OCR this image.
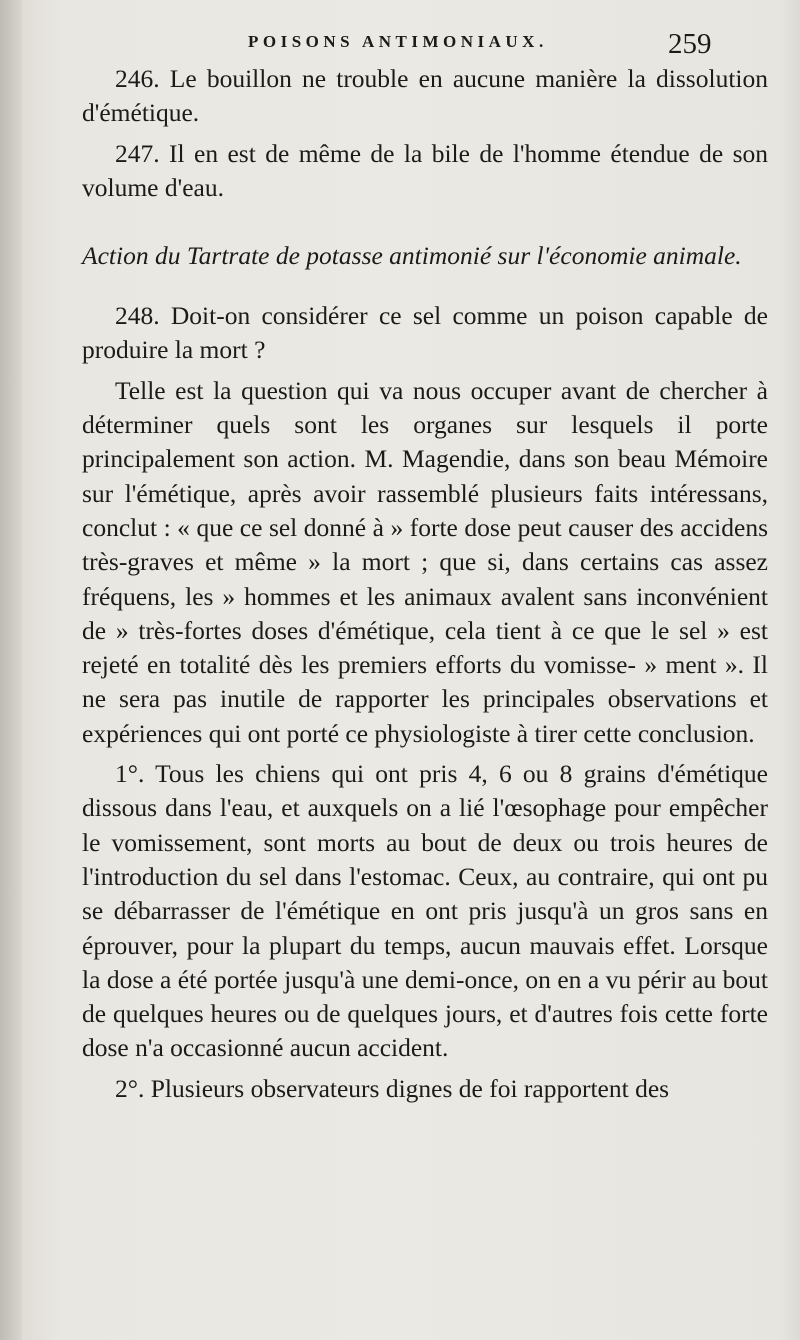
POISONS ANTIMONIAUX.	259

246. Le bouillon ne trouble en aucune manière la dissolution d'émétique.

247. Il en est de même de la bile de l'homme étendue de son volume d'eau.

Action du Tartrate de potasse antimonié sur l'économie animale.

248. Doit-on considérer ce sel comme un poison capable de produire la mort ?

Telle est la question qui va nous occuper avant de chercher à déterminer quels sont les organes sur lesquels il porte principalement son action. M. Magendie, dans son beau Mémoire sur l'émétique, après avoir rassemblé plusieurs faits intéressans, conclut : « que ce sel donné à » forte dose peut causer des accidens très-graves et même » la mort ; que si, dans certains cas assez fréquens, les » hommes et les animaux avalent sans inconvénient de » très-fortes doses d'émétique, cela tient à ce que le sel » est rejeté en totalité dès les premiers efforts du vomisse- » ment ». Il ne sera pas inutile de rapporter les principales observations et expériences qui ont porté ce physiologiste à tirer cette conclusion.

1°. Tous les chiens qui ont pris 4, 6 ou 8 grains d'émétique dissous dans l'eau, et auxquels on a lié l'œsophage pour empêcher le vomissement, sont morts au bout de deux ou trois heures de l'introduction du sel dans l'estomac. Ceux, au contraire, qui ont pu se débarrasser de l'émétique en ont pris jusqu'à un gros sans en éprouver, pour la plupart du temps, aucun mauvais effet. Lorsque la dose a été portée jusqu'à une demi-once, on en a vu périr au bout de quelques heures ou de quelques jours, et d'autres fois cette forte dose n'a occasionné aucun accident.

2°. Plusieurs observateurs dignes de foi rapportent des
